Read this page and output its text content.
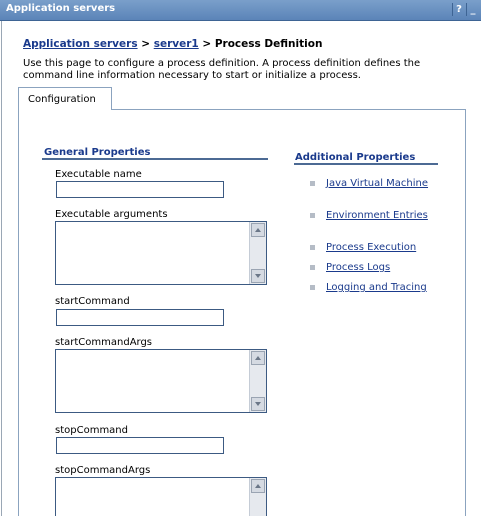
Application servers	? _
Application servers > server1 > Process Definition
Use this page to configure a process definition. A process definition defines the command line information necessary to start or initialize a process.
Configuration
General Properties
Executable name
Executable arguments
startCommand
startCommandArgs
stopCommand
stopCommandArgs
Additional Properties
Java Virtual Machine
Environment Entries
Process Execution
Process Logs
Logging and Tracing
